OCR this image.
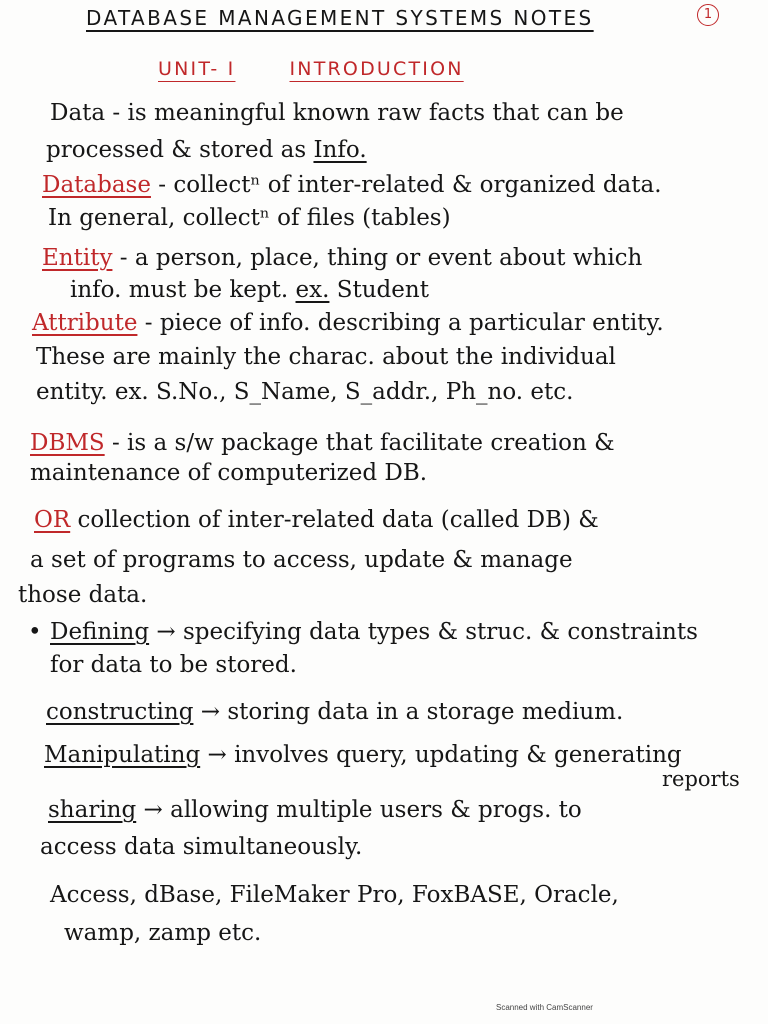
DATABASE MANAGEMENT SYSTEMS NOTES	1
UNIT- I	INTRODUCTION
Data - is meaningful known raw facts that can be
processed & stored as Info.
Database - collectⁿ of inter-related & organized data.
In general, collectⁿ of files (tables)
Entity - a person, place, thing or event about which
info. must be kept. ex. Student
Attribute - piece of info. describing a particular entity.
These are mainly the charac. about the individual
entity. ex. S.No., S_Name, S_addr., Ph_no. etc.
DBMS - is a s/w package that facilitate creation &
maintenance of computerized DB.
OR collection of inter-related data (called DB) &
a set of programs to access, update & manage
those data.
• Defining → specifying data types & struc. & constraints
for data to be stored.
constructing → storing data in a storage medium.
Manipulating → involves query, updating & generating
reports
sharing → allowing multiple users & progs. to
access data simultaneously.
Access, dBase, FileMaker Pro, FoxBASE, Oracle,
wamp, zamp etc.
Scanned with CamScanner
